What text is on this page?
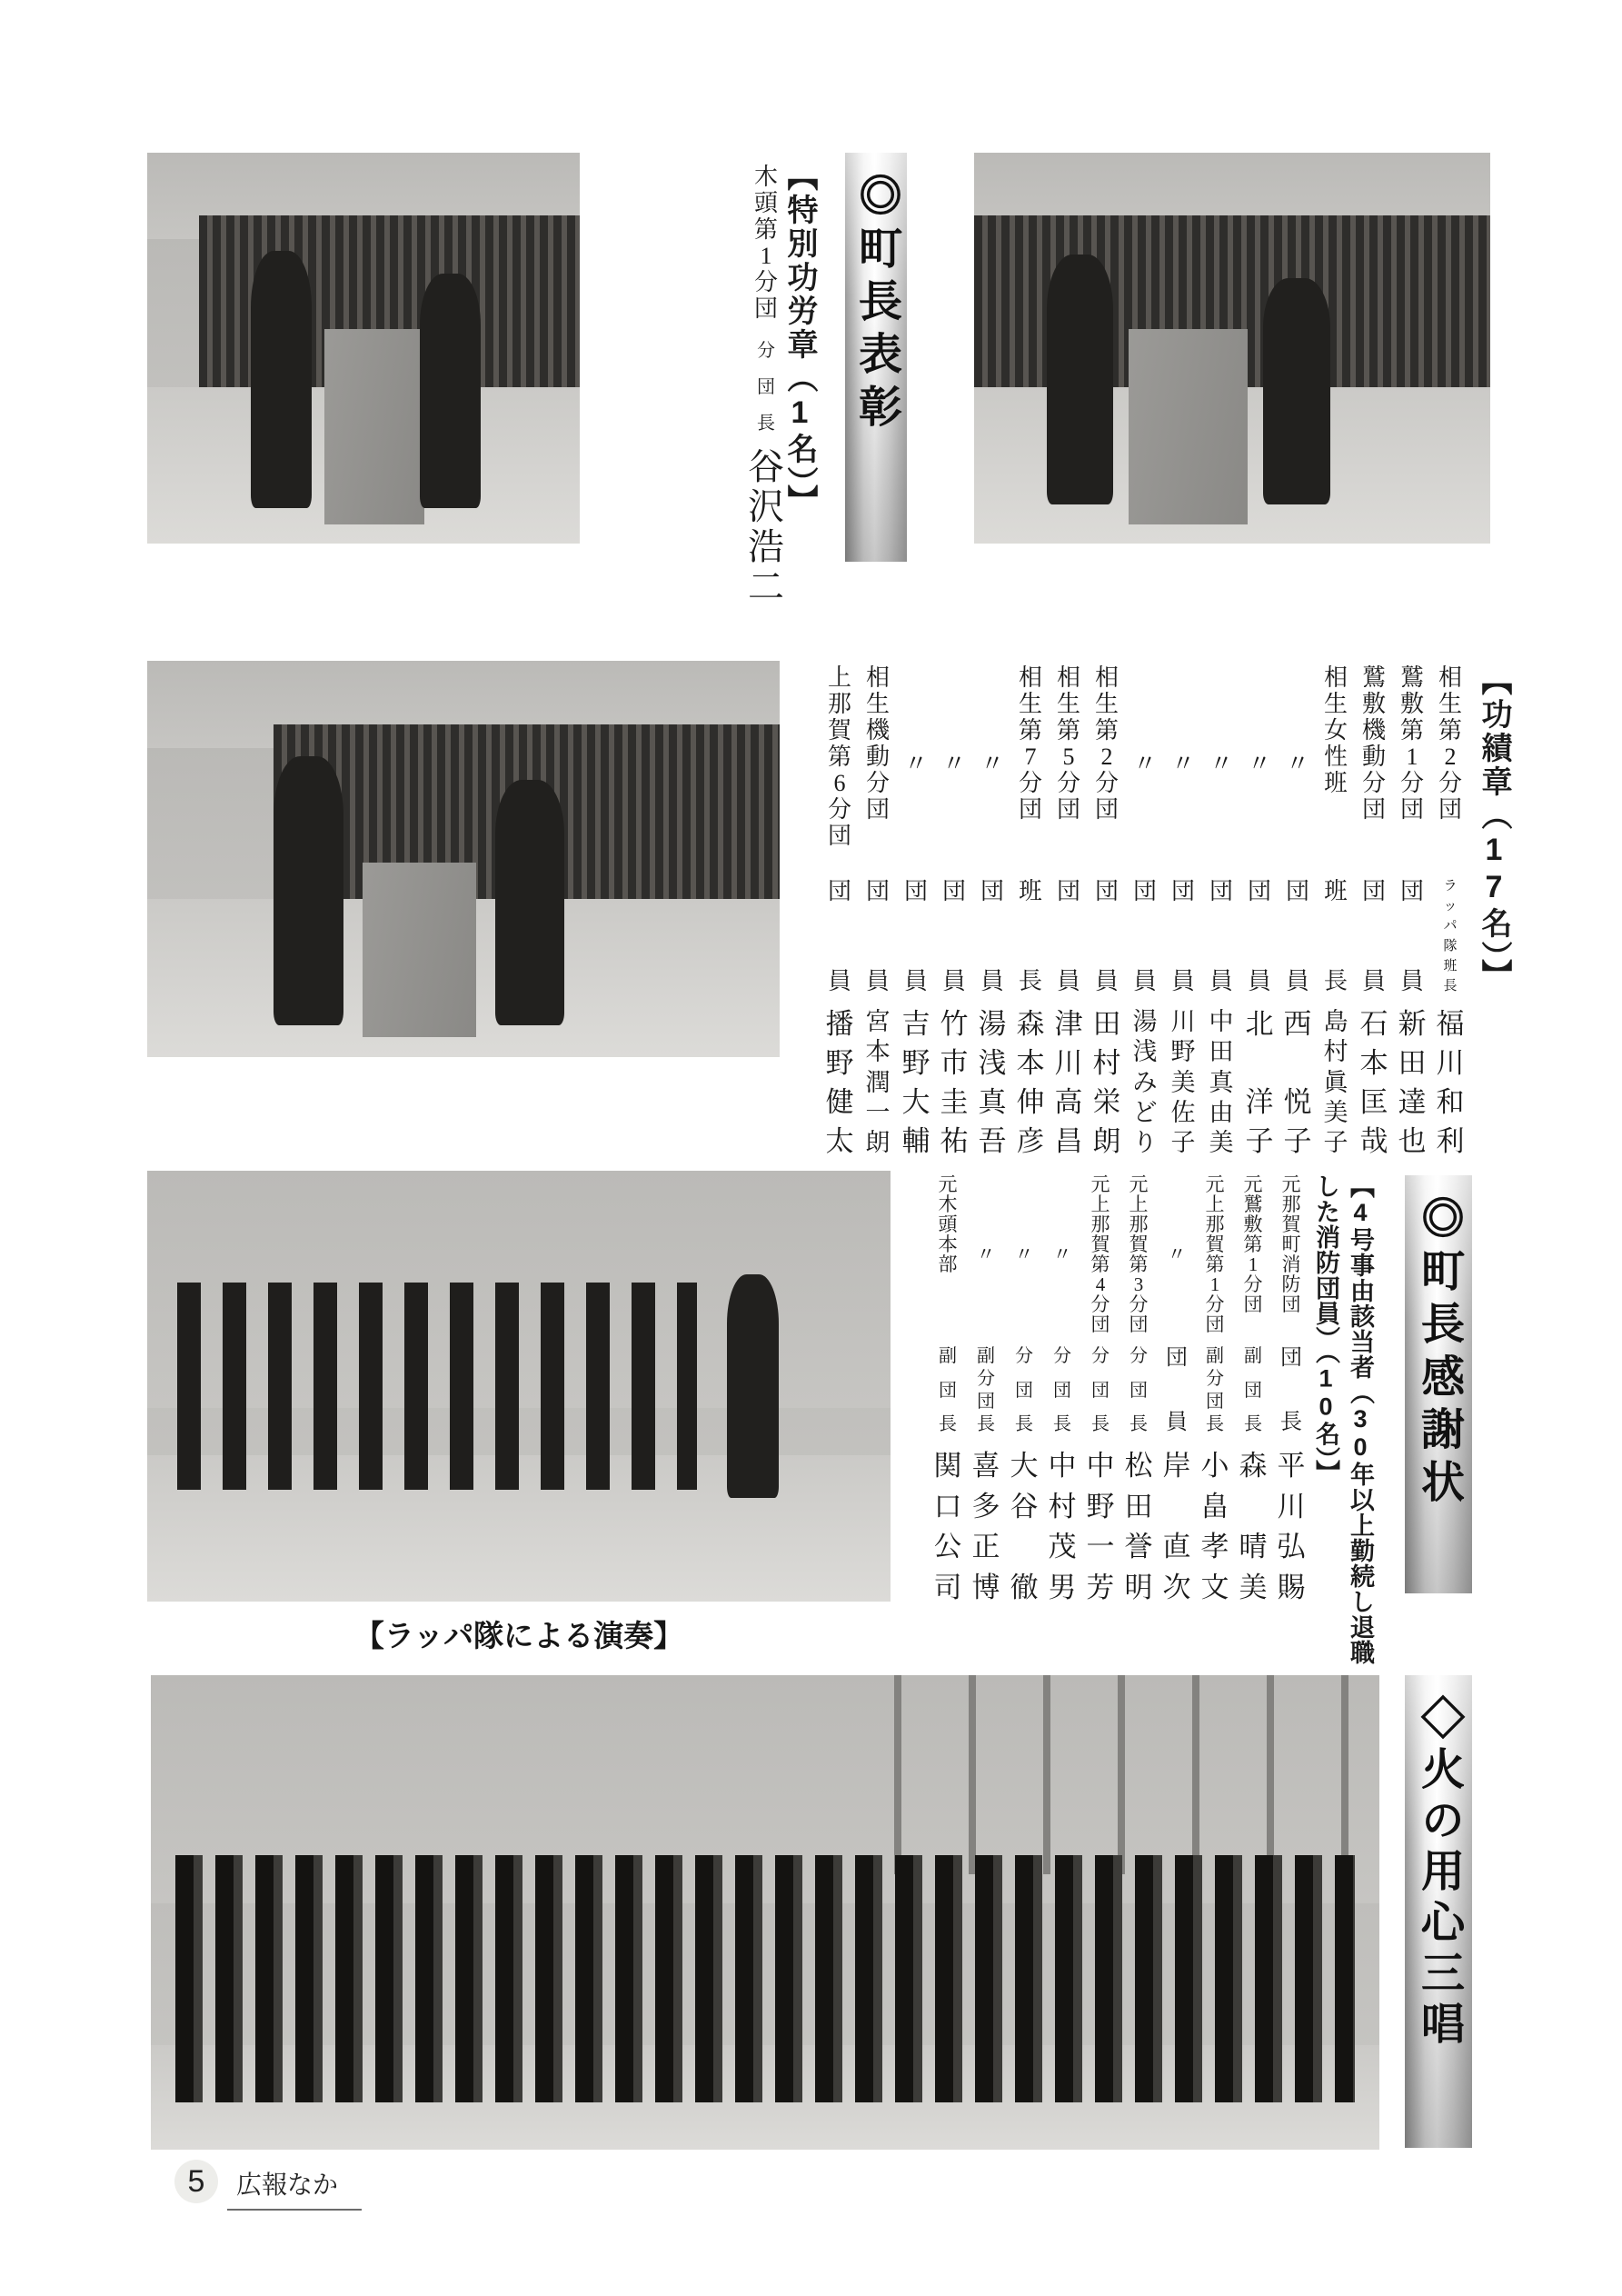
木
頭
第
1
分
団
分
団
長
谷
沢
浩
二
【特別功労章（1名）】 ◎町長表彰
【功績章（17名）】
相
生
第
2
分
団
ラ
ッ
パ
隊
班
長
福
川
和
利
鷲
敷
第
1
分
団
団
員
新
田
達
也
鷲
敷
機
動
分
団
団
員
石
本
匡
哉
相
生
女
性
班
班
長
島
村
眞
美
子
〃
団
員
西

悦
子
〃
団
員
北

洋
子
〃
団
員
中
田
真
由
美
〃
団
員
川
野
美
佐
子
〃
団
員
湯
浅
み
ど
り
相
生
第
2
分
団
団
員
田
村
栄
朗
相
生
第
5
分
団
団
員
津
川
高
昌
相
生
第
7
分
団
班
長
森
本
伸
彦
〃
団
員
湯
浅
真
吾
〃
団
員
竹
市
圭
祐
〃
団
員
吉
野
大
輔
相
生
機
動
分
団
団
員
宮
本
潤
一
朗
上
那
賀
第
6
分
団
団
員
播
野
健
太
【ラッパ隊による演奏】
元
那
賀
町
消
防
団
団
長
平
川
弘
賜
元
鷲
敷
第
1
分
団
副
団
長
森

晴
美
元
上
那
賀
第
1
分
団
副
分
団
長
小
畠
孝
文
〃
団
員
岸

直
次
元
上
那
賀
第
3
分
団
分
団
長
松
田
誉
明
元
上
那
賀
第
4
分
団
分
団
長
中
野
一
芳
〃
分
団
長
中
村
茂
男
〃
分
団
長
大
谷

徹
〃
副
分
団
長
喜
多
正
博
元
木
頭
本
部
副
団
長
関
口
公
司	【4号事由該当者（30年以上勤続し退職
した消防団員）（10名）】 ◎町長感謝状
◇火の用心三唱
5	広報なか
